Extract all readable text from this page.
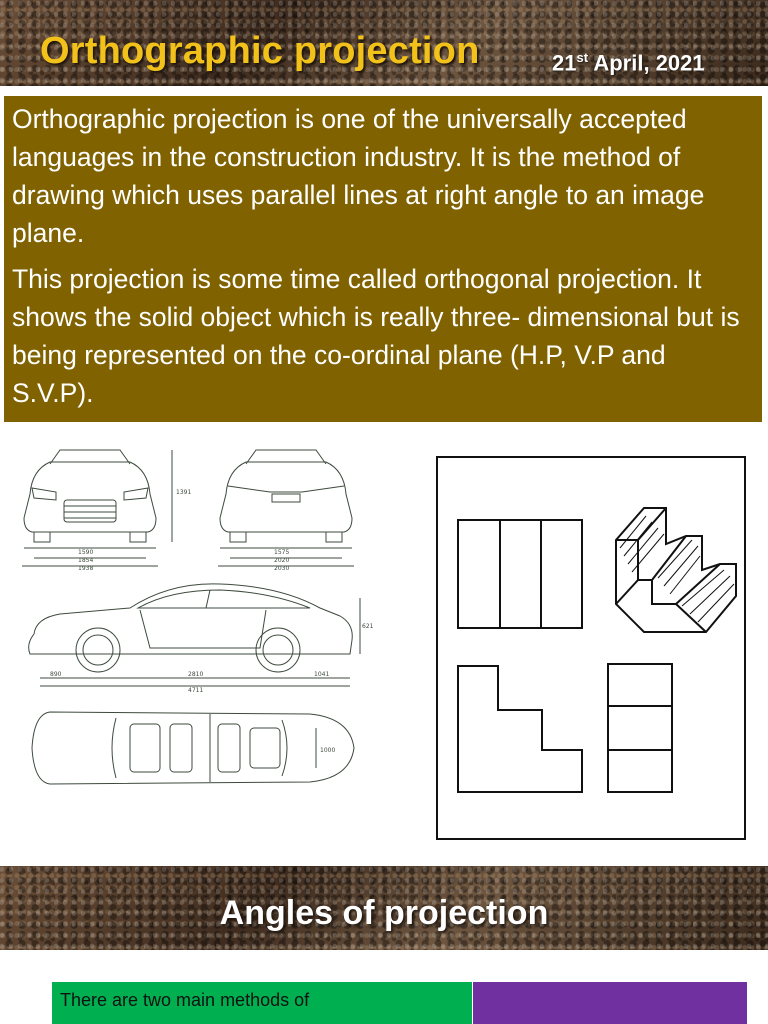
Orthographic projection	21st April, 2021

Orthographic projection is one of the universally accepted languages in the construction industry. It is the method of drawing which uses parallel lines at right angle to an image plane.

This projection is some time called orthogonal projection. It shows the solid object which is really three- dimensional but is being represented on the co-ordinal plane (H.P, V.P and S.V.P).

1590
1854
1938
1391
1575
2020
2030
890	2810
4711
1041
621
1000
Angles of projection
There are two main methods of
